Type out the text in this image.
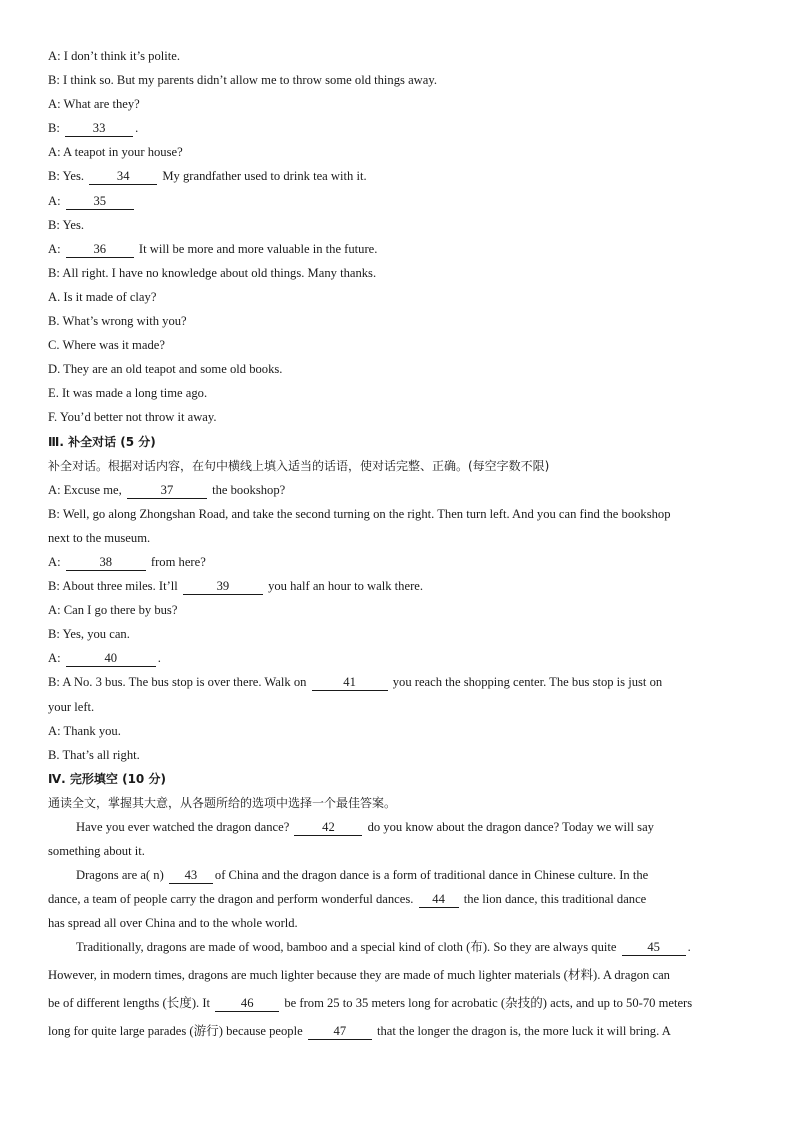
A: I don’t think it’s polite.
B: I think so. But my parents didn’t allow me to throw some old things away.
A: What are they?
B: 33 .
A: A teapot in your house?
B: Yes. 34 My grandfather used to drink tea with it.
A: 35
B: Yes.
A: 36 It will be more and more valuable in the future.
B: All right. I have no knowledge about old things. Many thanks.
A. Is it made of clay?
B. What’s wrong with you?
C. Where was it made?
D. They are an old teapot and some old books.
E. It was made a long time ago.
F. You’d better not throw it away.
Ⅲ. 补全对话 (5 分)
补全对话。根据对话内容，在句中横线上填入适当的话语，使对话完整、正确。(每空字数不限)
A: Excuse me,	37	the bookshop?
B: Well, go along Zhongshan Road, and take the second turning on the right. Then turn left. And you can find the bookshop
next to the museum.
A:	38	from here?
B: About three miles. It’ll	39	you half an hour to walk there.
A: Can I go there by bus?
B: Yes, you can.
A:	40	.
B: A No. 3 bus. The bus stop is over there. Walk on	41	you reach the shopping center. The bus stop is just on
your left.
A: Thank you.
B. That’s all right.
Ⅳ. 完形填空 (10 分)
通读全文，掌握其大意，从各题所给的选项中选择一个最佳答案。
Have you ever watched the dragon dance? 42 do you know about the dragon dance? Today we will say
something about it.
Dragons are a( n) 43 of China and the dragon dance is a form of traditional dance in Chinese culture. In the
dance, a team of people carry the dragon and perform wonderful dances. 44 the lion dance, this traditional dance
has spread all over China and to the whole world.
Traditionally, dragons are made of wood, bamboo and a special kind of cloth (布). So they are always quite 45 .
However, in modern times, dragons are much lighter because they are made of much lighter materials (材料). A dragon can
be of different lengths (长度). It 46 be from 25 to 35 meters long for acrobatic (杂技的) acts, and up to 50-70 meters
long for quite large parades (游行) because people 47 that the longer the dragon is, the more luck it will bring. A
